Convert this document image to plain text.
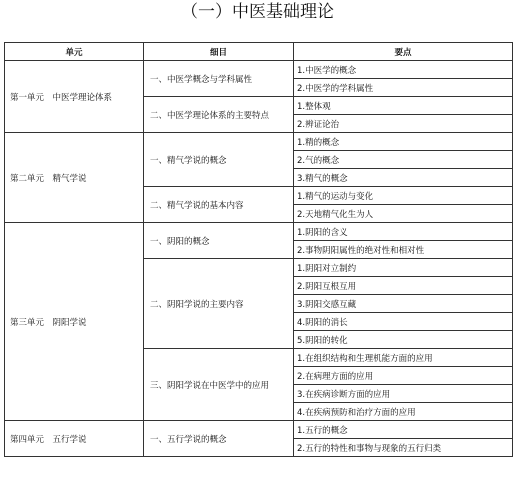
（一）中医基础理论
单元	细目	要点
第一单元　中医学理论体系	一、中医学概念与学科属性	1.中医学的概念
		2.中医学的学科属性
	二、中医学理论体系的主要特点	1.整体观
		2.辨证论治
第二单元　精气学说	一、精气学说的概念	1.精的概念
		2.气的概念
		3.精气的概念
	二、精气学说的基本内容	1.精气的运动与变化
		2.天地精气化生为人
第三单元　阴阳学说	一、阴阳的概念	1.阴阳的含义
		2.事物阴阳属性的绝对性和相对性
	二、阴阳学说的主要内容	1.阴阳对立制约
		2.阴阳互根互用
		3.阴阳交感互藏
		4.阴阳的消长
		5.阴阳的转化
	三、阴阳学说在中医学中的应用	1.在组织结构和生理机能方面的应用
		2.在病理方面的应用
		3.在疾病诊断方面的应用
		4.在疾病预防和治疗方面的应用
第四单元　五行学说	一、五行学说的概念	1.五行的概念
		2.五行的特性和事物与现象的五行归类
